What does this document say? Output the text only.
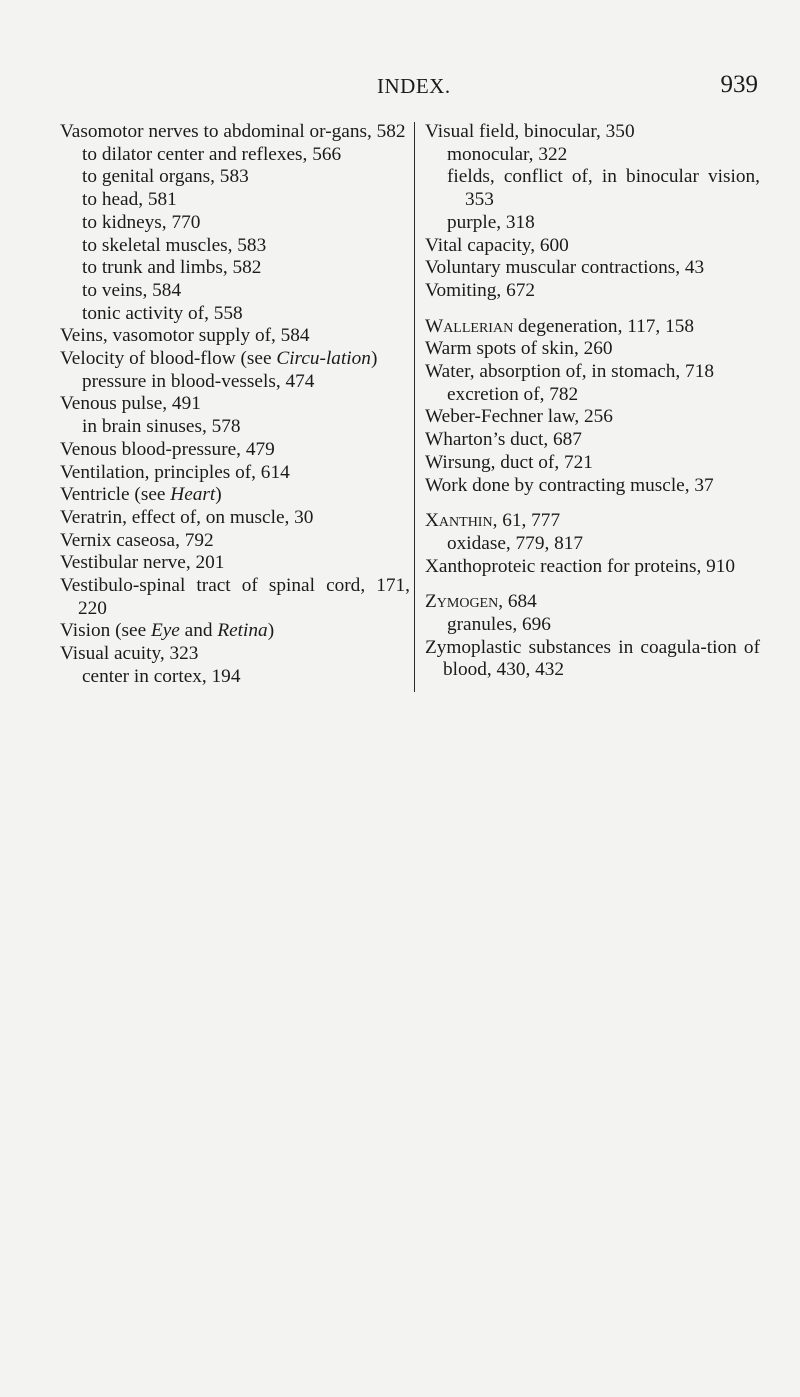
INDEX.	939

Vasomotor nerves to abdominal or-gans, 582

to dilator center and reflexes, 566

to genital organs, 583

to head, 581

to kidneys, 770

to skeletal muscles, 583

to trunk and limbs, 582

to veins, 584

tonic activity of, 558

Veins, vasomotor supply of, 584

Velocity of blood-flow (see Circu-lation)

pressure in blood-vessels, 474

Venous pulse, 491

in brain sinuses, 578

Venous blood-pressure, 479

Ventilation, principles of, 614

Ventricle (see Heart)

Veratrin, effect of, on muscle, 30

Vernix caseosa, 792

Vestibular nerve, 201

Vestibulo-spinal tract of spinal cord, 171, 220

Vision (see Eye and Retina)

Visual acuity, 323

center in cortex, 194

Visual field, binocular, 350

monocular, 322

fields, conflict of, in binocular vision, 353

purple, 318

Vital capacity, 600

Voluntary muscular contractions, 43

Vomiting, 672

Wallerian degeneration, 117, 158

Warm spots of skin, 260

Water, absorption of, in stomach, 718

excretion of, 782

Weber-Fechner law, 256

Wharton’s duct, 687

Wirsung, duct of, 721

Work done by contracting muscle, 37

Xanthin, 61, 777

oxidase, 779, 817

Xanthoproteic reaction for proteins, 910

Zymogen, 684

granules, 696

Zymoplastic substances in coagula-tion of blood, 430, 432
